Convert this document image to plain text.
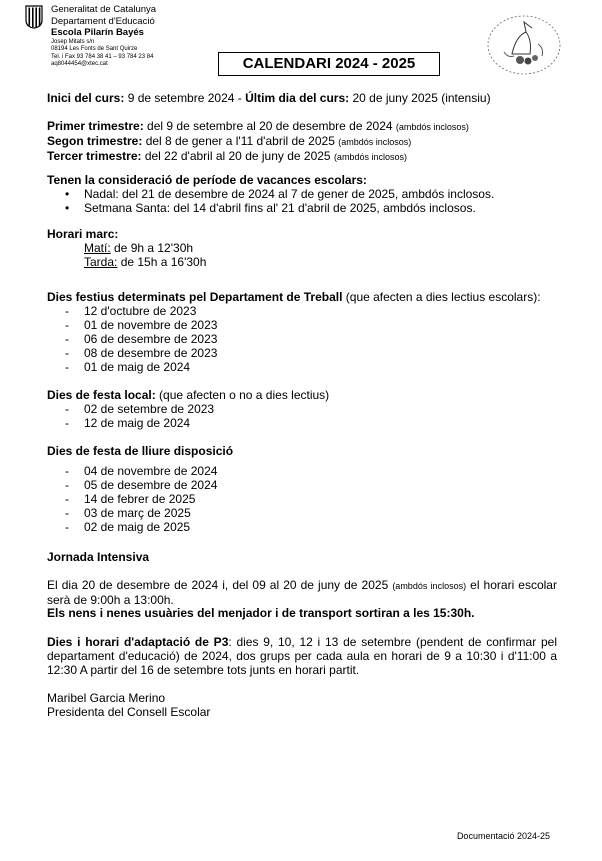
Generalitat de Catalunya
Departament d'Educació
Escola Pilarín Bayés
Josep Mitats s/n
08194 Les Fonts de Sant Quirze
Tel. i Fax 93 784 38 41 – 93 784 23 84
aq8044454@xtec.cat	CALENDARI 2024 - 2025
Inici del curs: 9 de setembre 2024 - Últim dia del curs: 20 de juny 2025 (intensiu)
Primer trimestre: del 9 de setembre al 20 de desembre de 2024 (ambdós inclosos)
Segon trimestre: del 8 de gener a l'11 d'abril de 2025 (ambdós inclosos)
Tercer trimestre: del 22 d'abril al 20 de juny de 2025 (ambdós inclosos)
Tenen la consideració de període de vacances escolars:
• Nadal: del 21 de desembre de 2024 al 7 de gener de 2025, ambdós inclosos.
• Setmana Santa: del 14 d'abril fins al' 21 d'abril de 2025, ambdós inclosos.
Horari marc:
Matí: de 9h a 12'30h
Tarda: de 15h a 16'30h
Dies festius determinats pel Departament de Treball (que afecten a dies lectius escolars):
- 12 d'octubre de 2023
- 01 de novembre de 2023
- 06 de desembre de 2023
- 08 de desembre de 2023
- 01 de maig de 2024
Dies de festa local: (que afecten o no a dies lectius)
- 02 de setembre de 2023
- 12 de maig de 2024
Dies de festa de lliure disposició
- 04 de novembre de 2024
- 05 de desembre de 2024
- 14 de febrer de 2025
- 03 de març de 2025
- 02 de maig de 2025
Jornada Intensiva
El dia 20 de desembre de 2024 i, del 09 al 20 de juny de 2025 (ambdós inclosos) el horari escolar serà de 9:00h a 13:00h.
Els nens i nenes usuàries del menjador i de transport sortiran a les 15:30h.
Dies i horari d'adaptació de P3: dies 9, 10, 12 i 13 de setembre (pendent de confirmar pel departament d'educació) de 2024, dos grups per cada aula en horari de 9 a 10:30 i d'11:00 a 12:30 A partir del 16 de setembre tots junts en horari partit.
Maribel Garcia Merino
Presidenta del Consell Escolar
Documentació 2024-25
